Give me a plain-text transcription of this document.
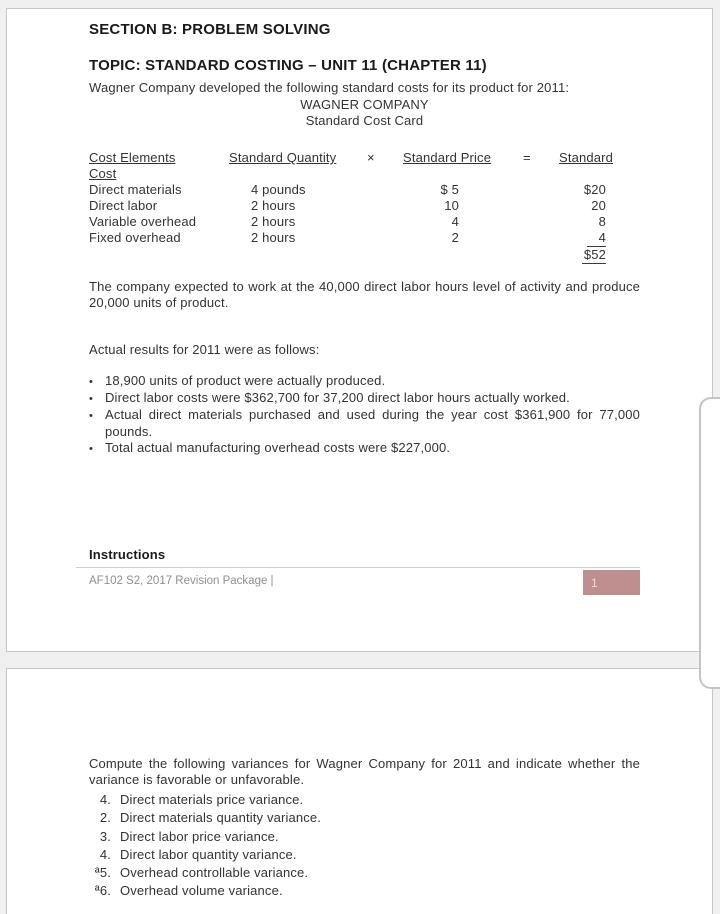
SECTION B: PROBLEM SOLVING
TOPIC: STANDARD COSTING – UNIT 11 (CHAPTER 11)
Wagner Company developed the following standard costs for its product for 2011:
WAGNER COMPANY
Standard Cost Card
Cost Elements	Standard Quantity	×	Standard Price	=	Standard
Cost
Direct materials	4 pounds	$ 5	$20
Direct labor	2 hours	10	20
Variable overhead	2 hours	4	8
Fixed overhead	2 hours	2	4
$52
The company expected to work at the 40,000 direct labor hours level of activity and produce 20,000 units of product.
Actual results for 2011 were as follows:
• 18,900 units of product were actually produced.
• Direct labor costs were $362,700 for 37,200 direct labor hours actually worked.
• Actual direct materials purchased and used during the year cost $361,900 for 77,000 pounds.
• Total actual manufacturing overhead costs were $227,000.
Instructions
AF102 S2, 2017 Revision Package |	1
Compute the following variances for Wagner Company for 2011 and indicate whether the variance is favorable or unfavorable.
4. Direct materials price variance.
2. Direct materials quantity variance.
3. Direct labor price variance.
4. Direct labor quantity variance.
ª5. Overhead controllable variance.
ª6. Overhead volume variance.
